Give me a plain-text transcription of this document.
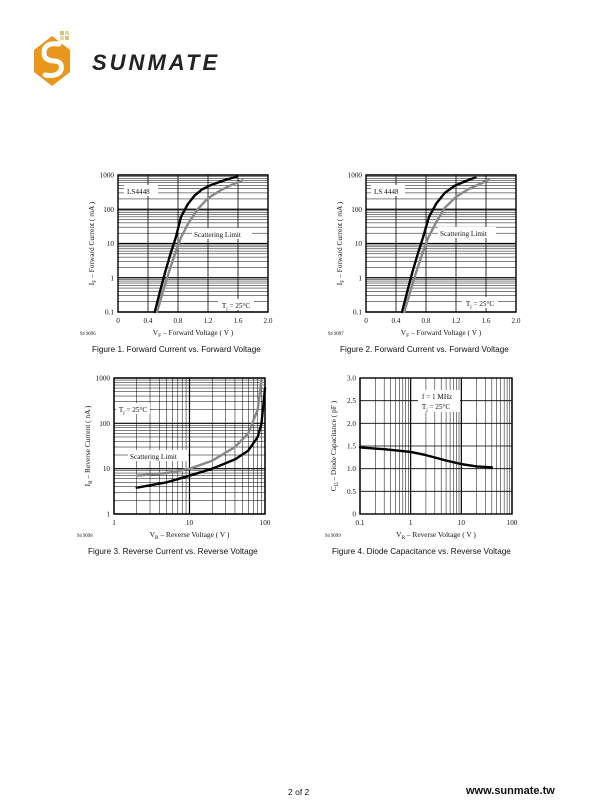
SUNMATE
0.1
1
10
100
1000
0	0.4	0.8	1.2	1.6	2.0
$V_F$ – Forward Voltage ( V )
$I_F$ – Forward Current ( mA )
94 9096
LS4448
Scattering Limit
$T_j = 25^\circ C$
Figure 1. Forward Current vs. Forward Voltage
0.1
1
10
100
1000
0	0.4	0.8	1.2	1.6	2.0
$V_F$ – Forward Voltage ( V )
$I_F$ – Forward Current ( mA )
94 9097
LS 4448
Scattering Limit
$T_j = 25^\circ C$
Figure 2. Forward Current vs. Forward Voltage
1
10
100
1000
1	10	100
$V_R$ – Reverse Voltage ( V )
$I_R$ – Reverse Current ( nA )
94 9098
$T_j = 25^\circ C$
Scattering Limit
Figure 3. Reverse Current vs. Reverse Voltage
0
0.5
1.0
1.5
2.0
2.5
3.0
0.1	1	10	100
$V_R$ – Reverse Voltage ( V )
$C_D$ – Diode Capacitance ( pF )
94 9099
f = 1 MHz
$T_j = 25^\circ C$
Figure 4. Diode Capacitance vs. Reverse Voltage
2 of 2	www.sunmate.tw
